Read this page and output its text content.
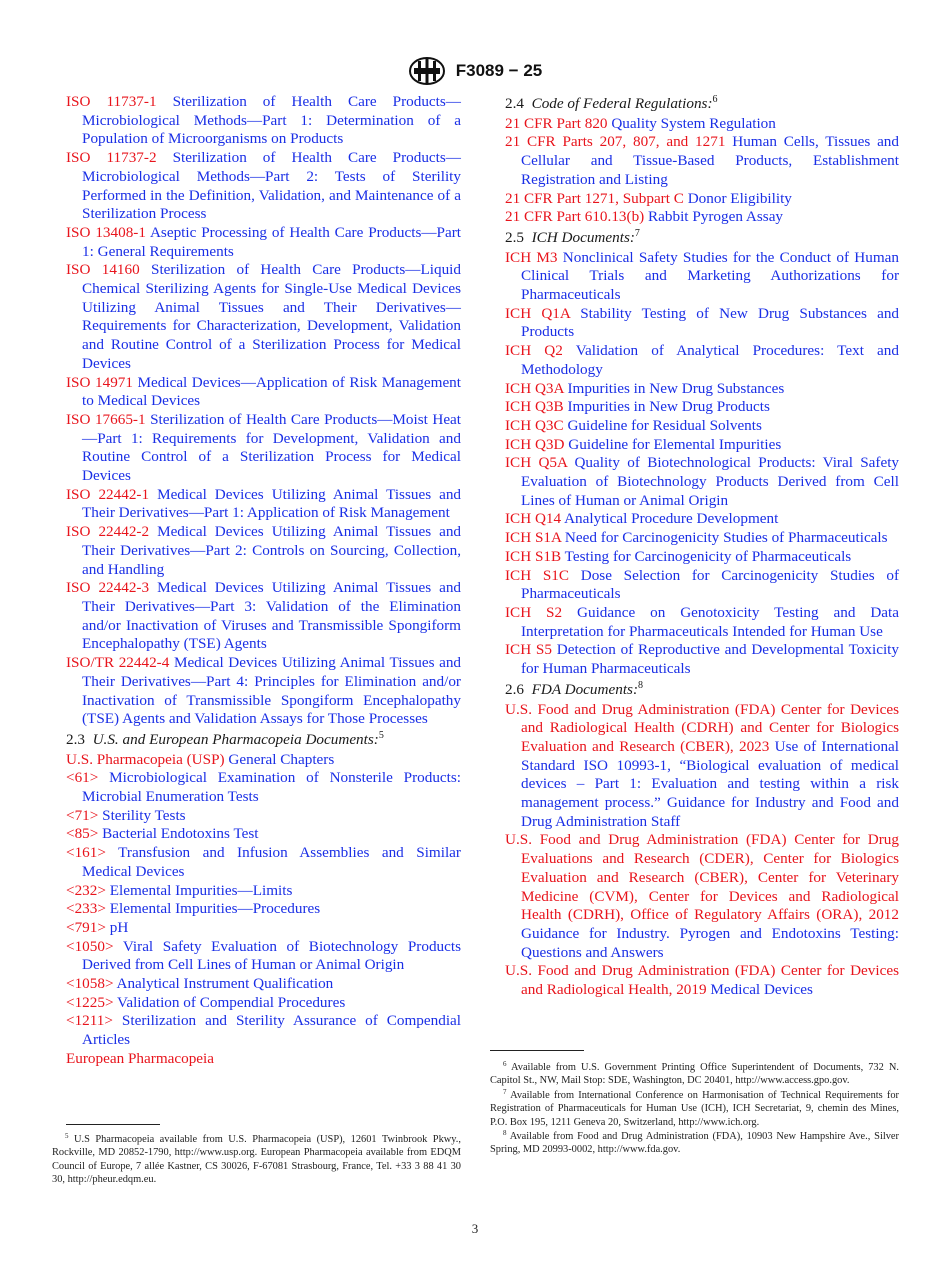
F3089 − 25
ISO 11737-1 Sterilization of Health Care Products—Microbiological Methods—Part 1: Determination of a Population of Microorganisms on Products
ISO 11737-2 Sterilization of Health Care Products—Microbiological Methods—Part 2: Tests of Sterility Performed in the Definition, Validation, and Maintenance of a Sterilization Process
ISO 13408-1 Aseptic Processing of Health Care Products—Part 1: General Requirements
ISO 14160 Sterilization of Health Care Products—Liquid Chemical Sterilizing Agents for Single-Use Medical Devices Utilizing Animal Tissues and Their Derivatives—Requirements for Characterization, Development, Validation and Routine Control of a Sterilization Process for Medical Devices
ISO 14971 Medical Devices—Application of Risk Management to Medical Devices
ISO 17665-1 Sterilization of Health Care Products—Moist Heat—Part 1: Requirements for Development, Validation and Routine Control of a Sterilization Process for Medical Devices
ISO 22442-1 Medical Devices Utilizing Animal Tissues and Their Derivatives—Part 1: Application of Risk Management
ISO 22442-2 Medical Devices Utilizing Animal Tissues and Their Derivatives—Part 2: Controls on Sourcing, Collection, and Handling
ISO 22442-3 Medical Devices Utilizing Animal Tissues and Their Derivatives—Part 3: Validation of the Elimination and/or Inactivation of Viruses and Transmissible Spongiform Encephalopathy (TSE) Agents
ISO/TR 22442-4 Medical Devices Utilizing Animal Tissues and Their Derivatives—Part 4: Principles for Elimination and/or Inactivation of Transmissible Spongiform Encephalopathy (TSE) Agents and Validation Assays for Those Processes
2.3 U.S. and European Pharmacopeia Documents:$^5$
U.S. Pharmacopeia (USP) General Chapters
<61> Microbiological Examination of Nonsterile Products: Microbial Enumeration Tests
<71> Sterility Tests
<85> Bacterial Endotoxins Test
<161> Transfusion and Infusion Assemblies and Similar Medical Devices
<232> Elemental Impurities—Limits
<233> Elemental Impurities—Procedures
<791> pH
<1050> Viral Safety Evaluation of Biotechnology Products Derived from Cell Lines of Human or Animal Origin
<1058> Analytical Instrument Qualification
<1225> Validation of Compendial Procedures
<1211> Sterilization and Sterility Assurance of Compendial Articles
European Pharmacopeia
2.4 Code of Federal Regulations:$^6$
21 CFR Part 820 Quality System Regulation
21 CFR Parts 207, 807, and 1271 Human Cells, Tissues and Cellular and Tissue-Based Products, Establishment Registration and Listing
21 CFR Part 1271, Subpart C Donor Eligibility
21 CFR Part 610.13(b) Rabbit Pyrogen Assay
2.5 ICH Documents:$^7$
ICH M3 Nonclinical Safety Studies for the Conduct of Human Clinical Trials and Marketing Authorizations for Pharmaceuticals
ICH Q1A Stability Testing of New Drug Substances and Products
ICH Q2 Validation of Analytical Procedures: Text and Methodology
ICH Q3A Impurities in New Drug Substances
ICH Q3B Impurities in New Drug Products
ICH Q3C Guideline for Residual Solvents
ICH Q3D Guideline for Elemental Impurities
ICH Q5A Quality of Biotechnological Products: Viral Safety Evaluation of Biotechnology Products Derived from Cell Lines of Human or Animal Origin
ICH Q14 Analytical Procedure Development
ICH S1A Need for Carcinogenicity Studies of Pharmaceuticals
ICH S1B Testing for Carcinogenicity of Pharmaceuticals
ICH S1C Dose Selection for Carcinogenicity Studies of Pharmaceuticals
ICH S2 Guidance on Genotoxicity Testing and Data Interpretation for Pharmaceuticals Intended for Human Use
ICH S5 Detection of Reproductive and Developmental Toxicity for Human Pharmaceuticals
2.6 FDA Documents:$^8$
U.S. Food and Drug Administration (FDA) Center for Devices and Radiological Health (CDRH) and Center for Biologics Evaluation and Research (CBER), 2023 Use of International Standard ISO 10993-1, “Biological evaluation of medical devices – Part 1: Evaluation and testing within a risk management process.” Guidance for Industry and Food and Drug Administration Staff
U.S. Food and Drug Administration (FDA) Center for Drug Evaluations and Research (CDER), Center for Biologics Evaluation and Research (CBER), Center for Veterinary Medicine (CVM), Center for Devices and Radiological Health (CDRH), Office of Regulatory Affairs (ORA), 2012 Guidance for Industry. Pyrogen and Endotoxins Testing: Questions and Answers
U.S. Food and Drug Administration (FDA) Center for Devices and Radiological Health, 2019 Medical Devices

$^5$ U.S Pharmacopeia available from U.S. Pharmacopeia (USP), 12601 Twinbrook Pkwy., Rockville, MD 20852-1790, http://www.usp.org. European Pharmacopeia available from EDQM Council of Europe, 7 allée Kastner, CS 30026, F-67081 Strasbourg, France, Tel. +33 3 88 41 30 30, http://pheur.edqm.eu.

$^6$ Available from U.S. Government Printing Office Superintendent of Documents, 732 N. Capitol St., NW, Mail Stop: SDE, Washington, DC 20401, http://www.access.gpo.gov.

$^7$ Available from International Conference on Harmonisation of Technical Requirements for Registration of Pharmaceuticals for Human Use (ICH), ICH Secretariat, 9, chemin des Mines, P.O. Box 195, 1211 Geneva 20, Switzerland, http://www.ich.org.

$^8$ Available from Food and Drug Administration (FDA), 10903 New Hampshire Ave., Silver Spring, MD 20993-0002, http://www.fda.gov.

3
